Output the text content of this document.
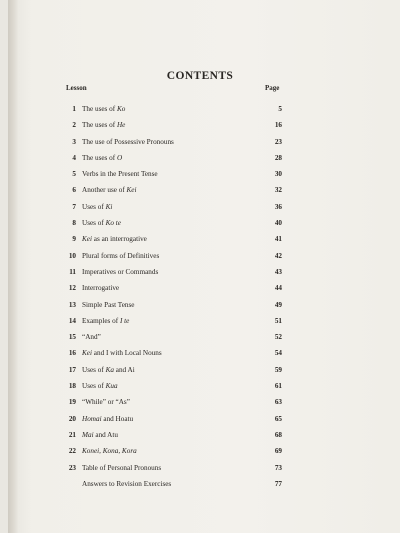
CONTENTS
Lesson	Page
1 The uses of Ko	5
2 The uses of He	16
3 The use of Possessive Pronouns	23
4 The uses of O	28
5 Verbs in the Present Tense	30
6 Another use of Kei	32
7 Uses of Ki	36
8 Uses of Ko te	40
9 Kei as an interrogative	41
10 Plural forms of Definitives	42
11 Imperatives or Commands	43
12 Interrogative	44
13 Simple Past Tense	49
14 Examples of I te	51
15 “And”	52
16 Kei and I with Local Nouns	54
17 Uses of Ka and Ai	59
18 Uses of Kua	61
19 “While” or “As”	63
20 Homai and Hoatu	65
21 Mai and Atu	68
22 Konei, Kona, Kora	69
23 Table of Personal Pronouns	73
Answers to Revision Exercises	77
